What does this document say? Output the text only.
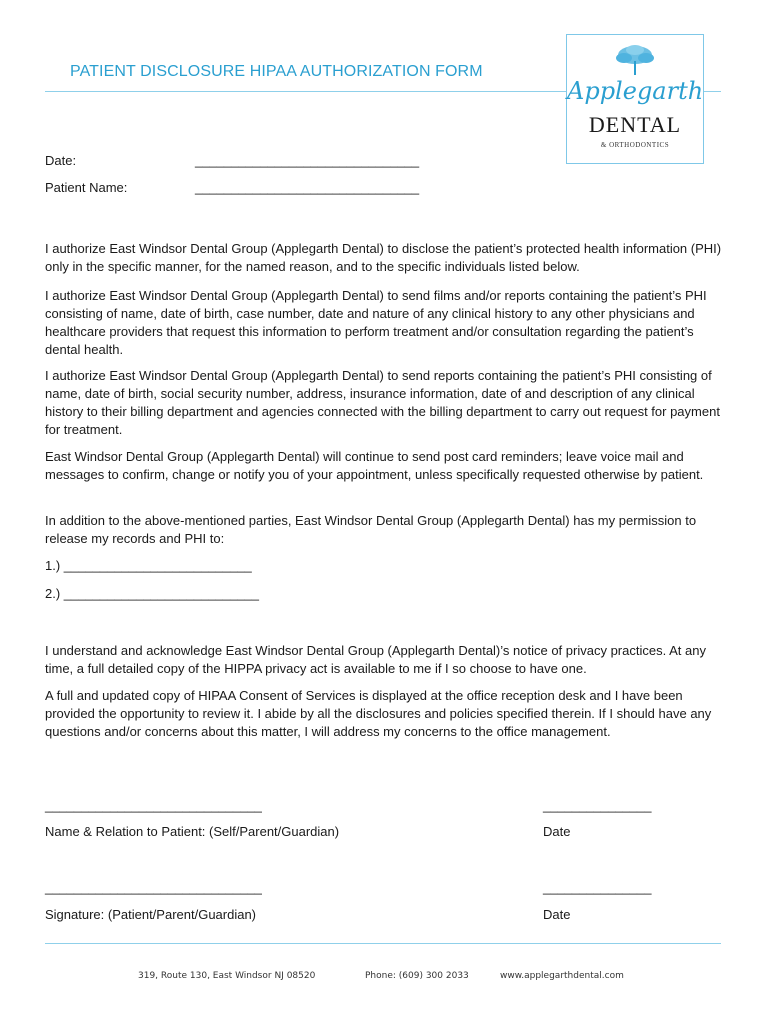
PATIENT DISCLOSURE HIPAA AUTHORIZATION FORM
Applegarth
DENTAL
& ORTHODONTICS
Date:	_______________________________
Patient Name:	_______________________________
I authorize East Windsor Dental Group (Applegarth Dental) to disclose the patient’s protected health information (PHI) only in the specific manner, for the named reason, and to the specific individuals listed below.
I authorize East Windsor Dental Group (Applegarth Dental) to send films and/or reports containing the patient’s PHI consisting of name, date of birth, case number, date and nature of any clinical history to any other physicians and healthcare providers that request this information to perform treatment and/or consultation regarding the patient’s dental health.
I authorize East Windsor Dental Group (Applegarth Dental) to send reports containing the patient’s PHI consisting of name, date of birth, social security number, address, insurance information, date of and description of any clinical history to their billing department and agencies connected with the billing department to carry out request for payment for treatment.
East Windsor Dental Group (Applegarth Dental) will continue to send post card reminders; leave voice mail and messages to confirm, change or notify you of your appointment, unless specifically requested otherwise by patient.
In addition to the above-mentioned parties, East Windsor Dental Group (Applegarth Dental) has my permission to release my records and PHI to:
1.) __________________________
2.) ___________________________
I understand and acknowledge East Windsor Dental Group (Applegarth Dental)’s notice of privacy practices. At any time, a full detailed copy of the HIPPA privacy act is available to me if I so choose to have one.
A full and updated copy of HIPAA Consent of Services is displayed at the office reception desk and I have been provided the opportunity to review it. I abide by all the disclosures and policies specified therein. If I should have any questions and/or concerns about this matter, I will address my concerns to the office management.
______________________________	_______________
Name & Relation to Patient: (Self/Parent/Guardian)	Date
______________________________	_______________
Signature: (Patient/Parent/Guardian)	Date
319, Route 130, East Windsor NJ 08520	Phone: (609) 300 2033	www.applegarthdental.com
